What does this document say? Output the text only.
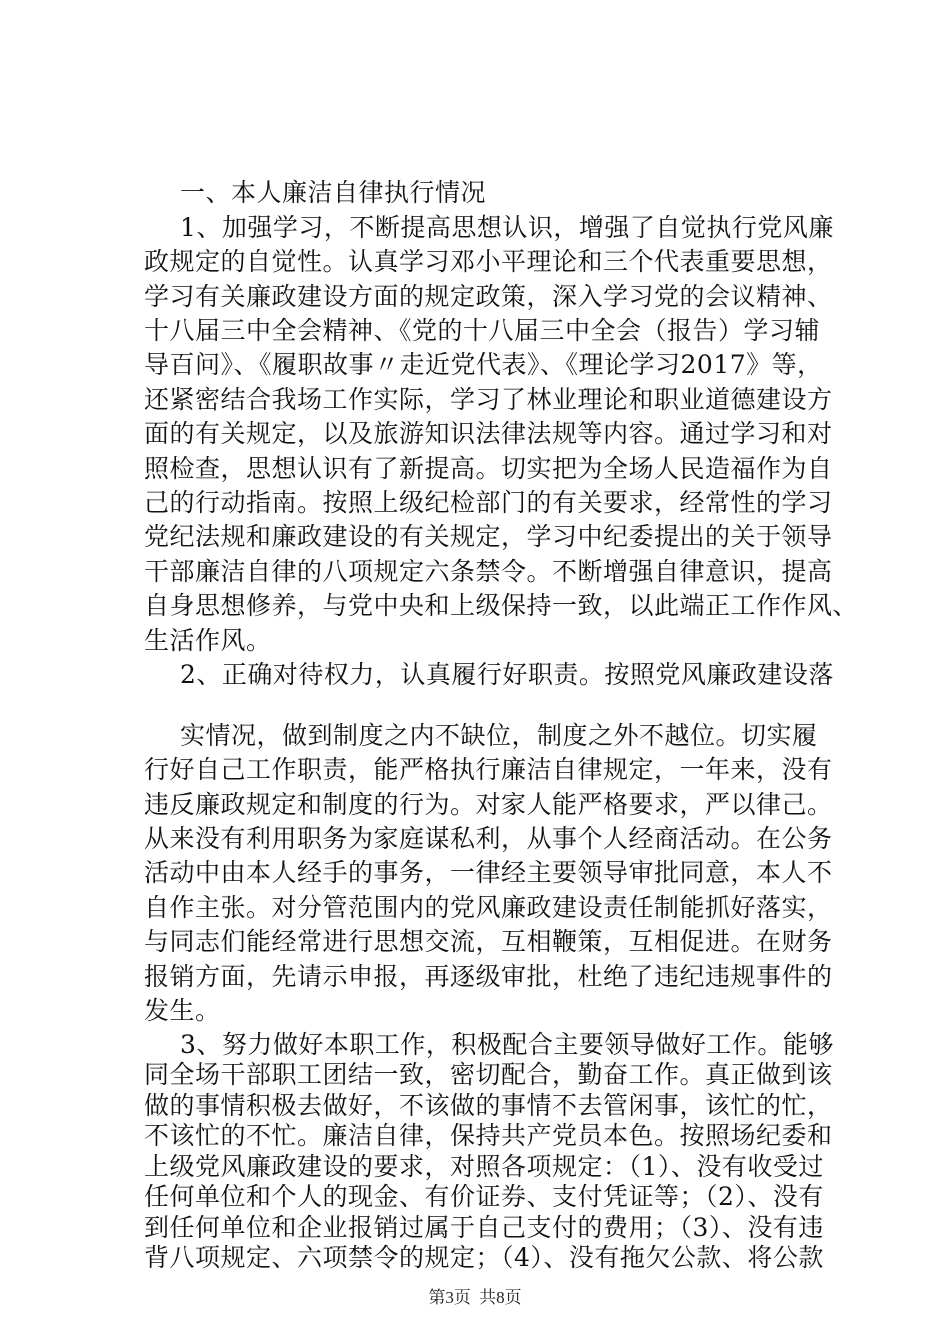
一、本人廉洁自律执行情况
1、加强学习，不断提高思想认识，增强了自觉执行党风廉
政规定的自觉性。认真学习邓小平理论和三个代表重要思想，
学习有关廉政建设方面的规定政策，深入学习党的会议精神、
十八届三中全会精神、《党的十八届三中全会（报告）学习辅
导百问》、《履职故事〃走近党代表》、《理论学习2017》等，
还紧密结合我场工作实际，学习了林业理论和职业道德建设方
面的有关规定，以及旅游知识法律法规等内容。通过学习和对
照检查，思想认识有了新提高。切实把为全场人民造福作为自
己的行动指南。按照上级纪检部门的有关要求，经常性的学习
党纪法规和廉政建设的有关规定，学习中纪委提出的关于领导
干部廉洁自律的八项规定六条禁令。不断增强自律意识，提高
自身思想修养，与党中央和上级保持一致，以此端正工作作风、
生活作风。
2、正确对待权力，认真履行好职责。按照党风廉政建设落
实情况，做到制度之内不缺位，制度之外不越位。切实履
行好自己工作职责，能严格执行廉洁自律规定，一年来，没有
违反廉政规定和制度的行为。对家人能严格要求，严以律己。
从来没有利用职务为家庭谋私利，从事个人经商活动。在公务
活动中由本人经手的事务，一律经主要领导审批同意，本人不
自作主张。对分管范围内的党风廉政建设责任制能抓好落实，
与同志们能经常进行思想交流，互相鞭策，互相促进。在财务
报销方面，先请示申报，再逐级审批，杜绝了违纪违规事件的
发生。
3、努力做好本职工作，积极配合主要领导做好工作。能够
同全场干部职工团结一致，密切配合，勤奋工作。真正做到该
做的事情积极去做好，不该做的事情不去管闲事，该忙的忙，
不该忙的不忙。廉洁自律，保持共产党员本色。按照场纪委和
上级党风廉政建设的要求，对照各项规定：（1）、没有收受过
任何单位和个人的现金、有价证券、支付凭证等；（2）、没有
到任何单位和企业报销过属于自己支付的费用；（3）、没有违
第3页 共8页
背八项规定、六项禁令的规定；（4）、没有拖欠公款、将公款
